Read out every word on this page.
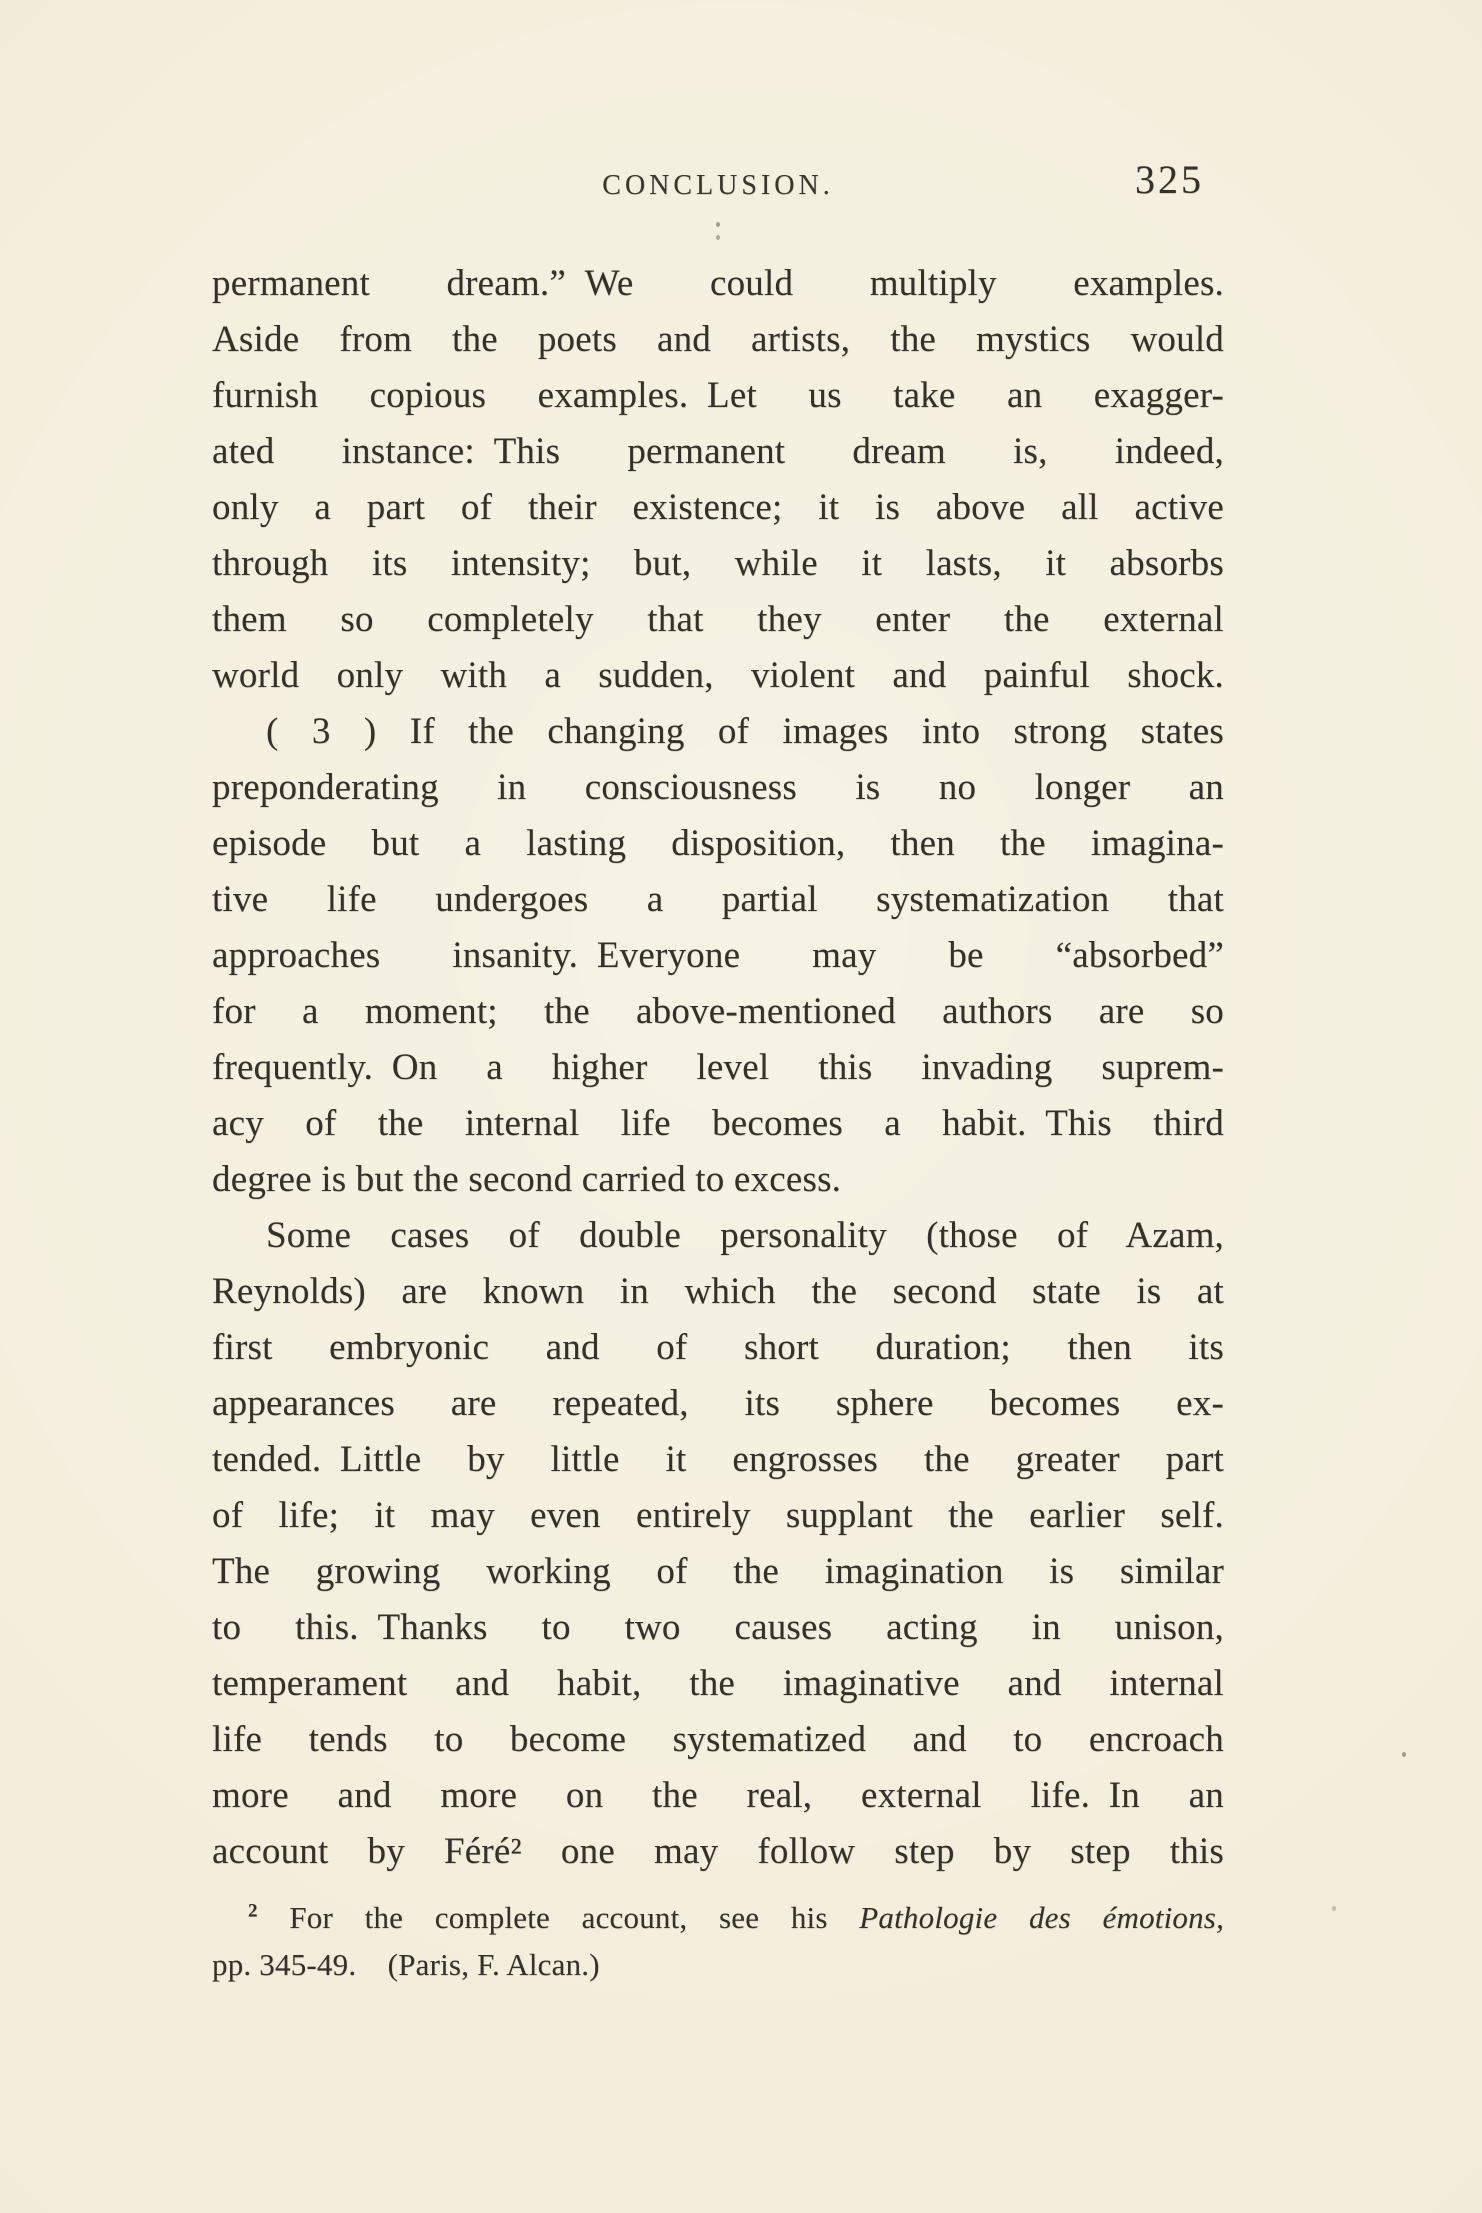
CONCLUSION.	325
permanent dream.” We could multiply examples.
Aside from the poets and artists, the mystics would
furnish copious examples. Let us take an exagger-
ated instance: This permanent dream is, indeed,
only a part of their existence; it is above all active
through its intensity; but, while it lasts, it absorbs
them so completely that they enter the external
world only with a sudden, violent and painful shock.
( 3 ) If the changing of images into strong states
preponderating in consciousness is no longer an
episode but a lasting disposition, then the imagina-
tive life undergoes a partial systematization that
approaches insanity. Everyone may be “absorbed”
for a moment; the above-mentioned authors are so
frequently. On a higher level this invading suprem-
acy of the internal life becomes a habit. This third
degree is but the second carried to excess.
Some cases of double personality (those of Azam,
Reynolds) are known in which the second state is at
first embryonic and of short duration; then its
appearances are repeated, its sphere becomes ex-
tended. Little by little it engrosses the greater part
of life; it may even entirely supplant the earlier self.
The growing working of the imagination is similar
to this. Thanks to two causes acting in unison,
temperament and habit, the imaginative and internal
life tends to become systematized and to encroach
more and more on the real, external life. In an
account by Féré² one may follow step by step this
$^2$ For the complete account, see his Pathologie des émotions,
pp. 345-49.  (Paris, F. Alcan.)
